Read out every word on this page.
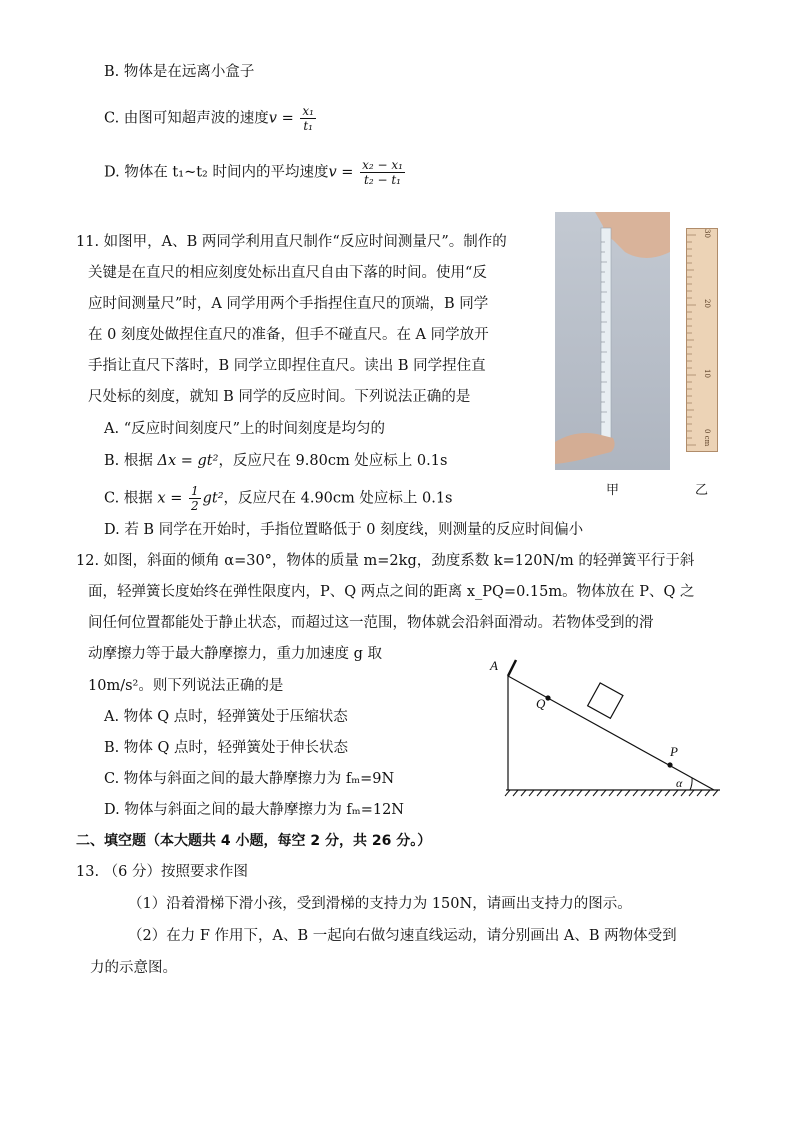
B. 物体是在远离小盒子
C. 由图可知超声波的速度$v = \frac{\text{x₁}}{\text{t₁}}$
D. 物体在 t₁~t₂ 时间内的平均速度$v = \frac{\text{x₂ − x₁}}{\text{t₂ − t₁}}$
11. 如图甲，A、B 两同学利用直尺制作“反应时间测量尺”。制作的
关键是在直尺的相应刻度处标出直尺自由下落的时间。使用“反
应时间测量尺”时，A 同学用两个手指捏住直尺的顶端，B 同学
在 0 刻度处做捏住直尺的准备，但手不碰直尺。在 A 同学放开
手指让直尺下落时，B 同学立即捏住直尺。读出 B 同学捏住直
尺处标的刻度，就知 B 同学的反应时间。下列说法正确的是
A. “反应时间刻度尺”上的时间刻度是均匀的
B. 根据 Δx = gt²，反应尺在 9.80cm 处应标上 0.1s
C. 根据 $x = \frac{1}{2} gt^2$，反应尺在 4.90cm 处应标上 0.1s
D. 若 B 同学在开始时，手指位置略低于 0 刻度线，则测量的反应时间偏小
甲
30
20
10
0 cm
乙
12. 如图，斜面的倾角 α=30°，物体的质量 m=2kg，劲度系数 k=120N/m 的轻弹簧平行于斜
面，轻弹簧长度始终在弹性限度内，P、Q 两点之间的距离 x_PQ=0.15m。物体放在 P、Q 之
间任何位置都能处于静止状态，而超过这一范围，物体就会沿斜面滑动。若物体受到的滑
动摩擦力等于最大静摩擦力，重力加速度 g 取
10m/s²。则下列说法正确的是
A. 物体 Q 点时，轻弹簧处于压缩状态
B. 物体 Q 点时，轻弹簧处于伸长状态
C. 物体与斜面之间的最大静摩擦力为 fₘ=9N
D. 物体与斜面之间的最大静摩擦力为 fₘ=12N
A
Q
P
α
二、填空题（本大题共 4 小题，每空 2 分，共 26 分。）
13. （6 分）按照要求作图
（1）沿着滑梯下滑小孩，受到滑梯的支持力为 150N，请画出支持力的图示。
（2）在力 F 作用下，A、B 一起向右做匀速直线运动，请分别画出 A、B 两物体受到
力的示意图。
